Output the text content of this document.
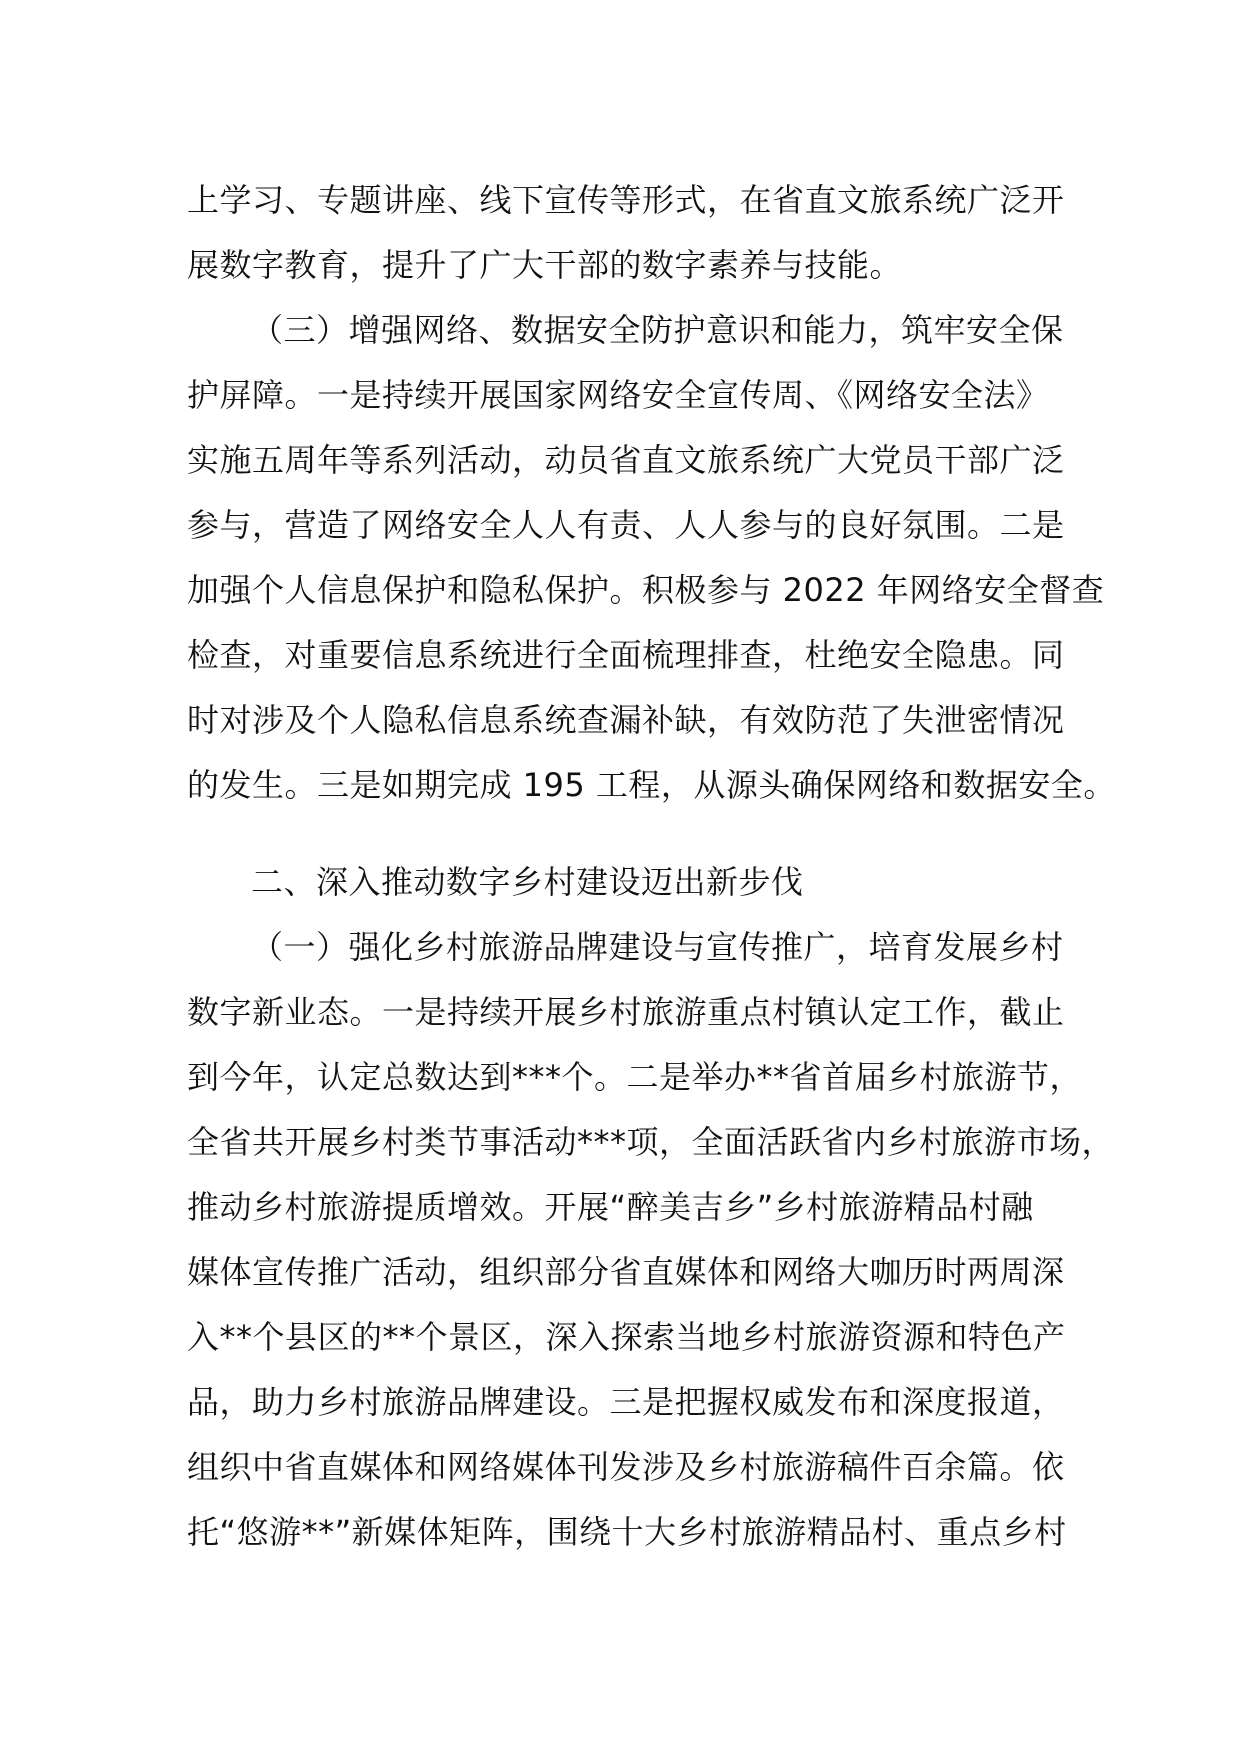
上学习、专题讲座、线下宣传等形式，在省直文旅系统广泛开
展数字教育，提升了广大干部的数字素养与技能。
（三）增强网络、数据安全防护意识和能力，筑牢安全保
护屏障。一是持续开展国家网络安全宣传周、《网络安全法》
实施五周年等系列活动，动员省直文旅系统广大党员干部广泛
参与，营造了网络安全人人有责、人人参与的良好氛围。二是
加强个人信息保护和隐私保护。积极参与 2022 年网络安全督查
检查，对重要信息系统进行全面梳理排查，杜绝安全隐患。同
时对涉及个人隐私信息系统查漏补缺，有效防范了失泄密情况
的发生。三是如期完成 195 工程，从源头确保网络和数据安全。
二、深入推动数字乡村建设迈出新步伐
（一）强化乡村旅游品牌建设与宣传推广，培育发展乡村
数字新业态。一是持续开展乡村旅游重点村镇认定工作，截止
到今年，认定总数达到***个。二是举办**省首届乡村旅游节，
全省共开展乡村类节事活动***项，全面活跃省内乡村旅游市场，
推动乡村旅游提质增效。开展“醉美吉乡”乡村旅游精品村融
媒体宣传推广活动，组织部分省直媒体和网络大咖历时两周深
入**个县区的**个景区，深入探索当地乡村旅游资源和特色产
品，助力乡村旅游品牌建设。三是把握权威发布和深度报道，
组织中省直媒体和网络媒体刊发涉及乡村旅游稿件百余篇。依
托“悠游**”新媒体矩阵，围绕十大乡村旅游精品村、重点乡村
